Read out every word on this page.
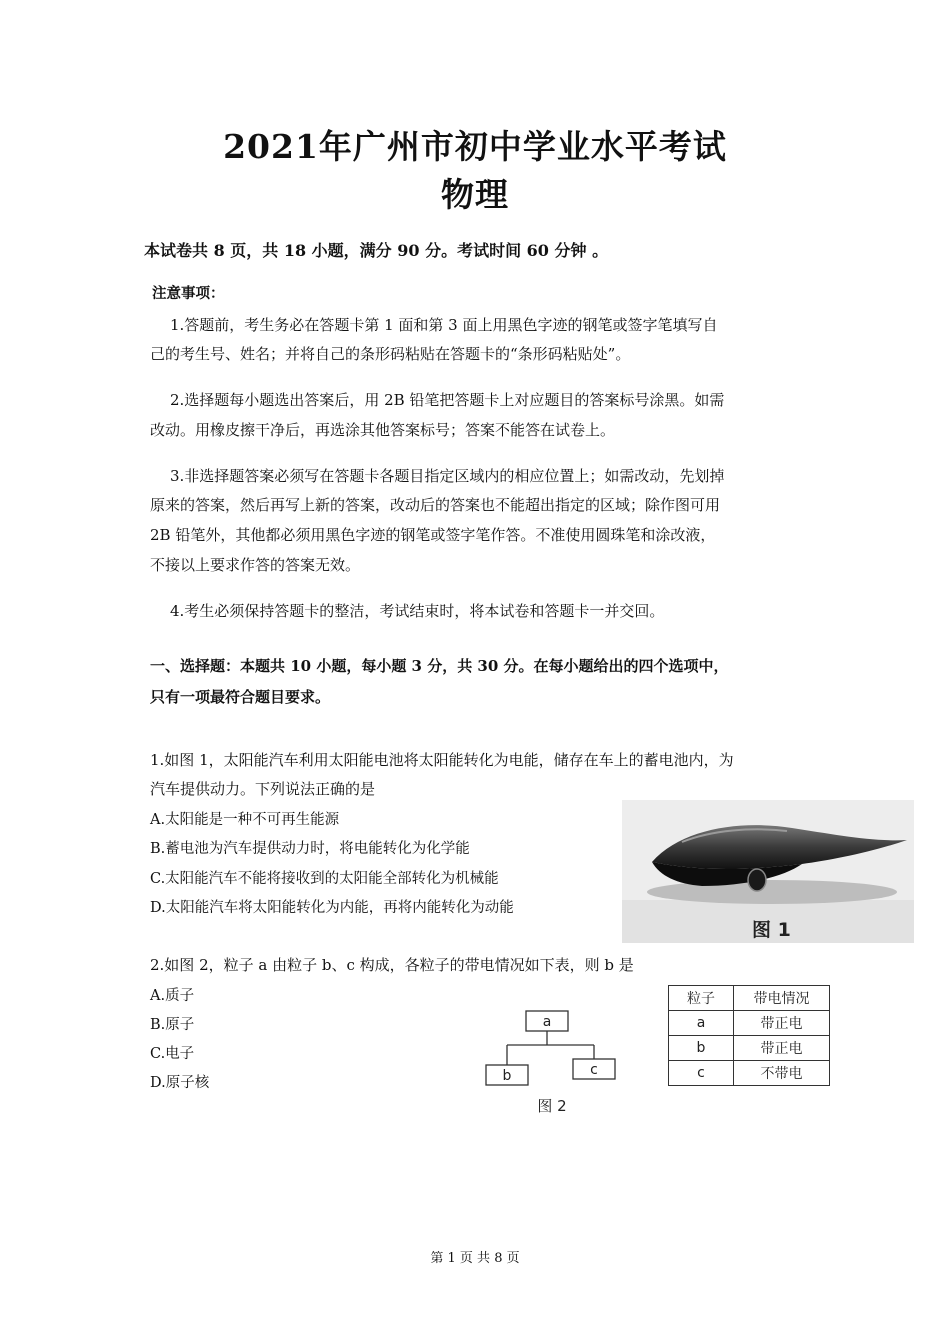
2021年广州市初中学业水平考试
物理
本试卷共 8 页，共 18 小题，满分 90 分。考试时间 60 分钟 。
注意事项：
1.答题前，考生务必在答题卡第 1 面和第 3 面上用黑色字迹的钢笔或签字笔填写自
己的考生号、姓名；并将自己的条形码粘贴在答题卡的“条形码粘贴处”。
2.选择题每小题选出答案后，用 2B 铅笔把答题卡上对应题目的答案标号涂黑。如需
改动。用橡皮擦干净后，再选涂其他答案标号；答案不能答在试卷上。
3.非选择题答案必须写在答题卡各题目指定区域内的相应位置上；如需改动，先划掉
原来的答案，然后再写上新的答案，改动后的答案也不能超出指定的区域；除作图可用
2B 铅笔外，其他都必须用黑色字迹的钢笔或签字笔作答。不准使用圆珠笔和涂改液，
不接以上要求作答的答案无效。
4.考生必须保持答题卡的整洁，考试结束时，将本试卷和答题卡一并交回。
一、选择题：本题共 10 小题，每小题 3 分，共 30 分。在每小题给出的四个选项中，
只有一项最符合题目要求。
1.如图 1，太阳能汽车利用太阳能电池将太阳能转化为电能，储存在车上的蓄电池内，为
汽车提供动力。下列说法正确的是
A.太阳能是一种不可再生能源
B.蓄电池为汽车提供动力时，将电能转化为化学能
C.太阳能汽车不能将接收到的太阳能全部转化为机械能
D.太阳能汽车将太阳能转化为内能，再将内能转化为动能
图 1
2.如图 2，粒子 a 由粒子 b、c 构成，各粒子的带电情况如下表，则 b 是
A.质子
B.原子
C.电子
D.原子核
a
b	c
图 2
粒子	带电情况
a	带正电
b	带正电
c	不带电
第 1 页 共 8 页
